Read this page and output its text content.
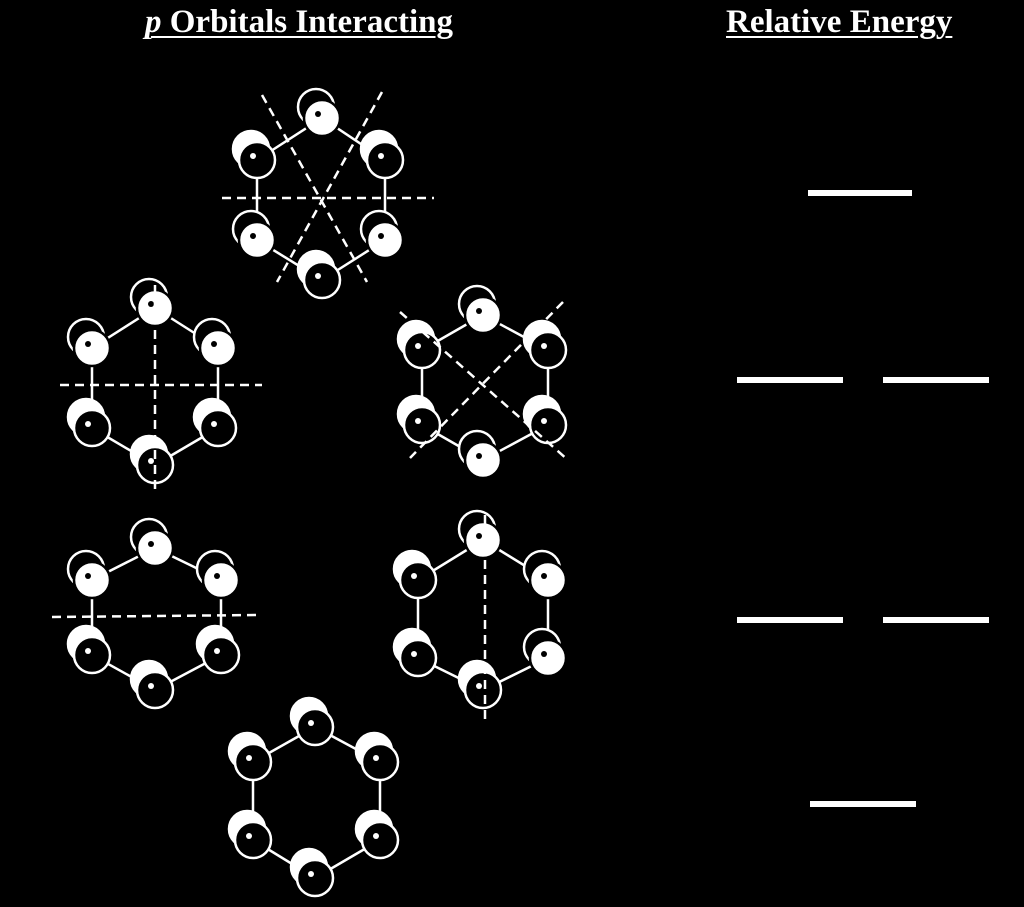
p Orbitals Interacting	Relative Energy
